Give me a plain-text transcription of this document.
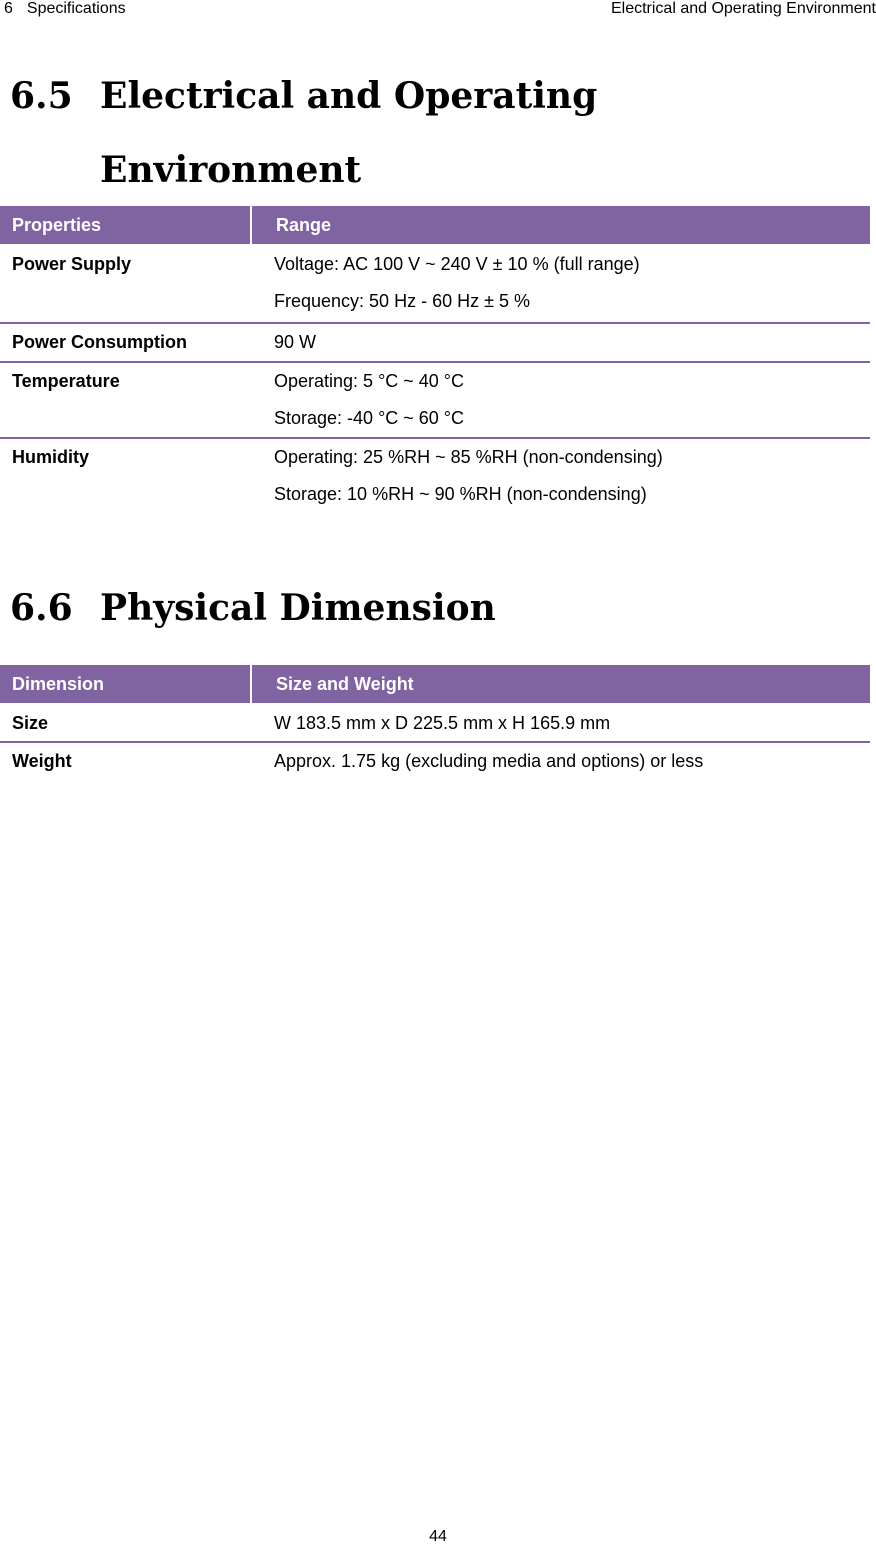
6 Specifications	Electrical and Operating Environment
6.5 Electrical and Operating Environment
Properties	Range
Power Supply	Voltage: AC 100 V ~ 240 V ± 10 % (full range)
Frequency: 50 Hz - 60 Hz ± 5 %
Power Consumption	90 W
Temperature	Operating: 5 °C ~ 40 °C
Storage: -40 °C ~ 60 °C
Humidity	Operating: 25 %RH ~ 85 %RH (non-condensing)
Storage: 10 %RH ~ 90 %RH (non-condensing)
6.6 Physical Dimension
Dimension	Size and Weight
Size	W 183.5 mm x D 225.5 mm x H 165.9 mm
Weight	Approx. 1.75 kg (excluding media and options) or less
44
